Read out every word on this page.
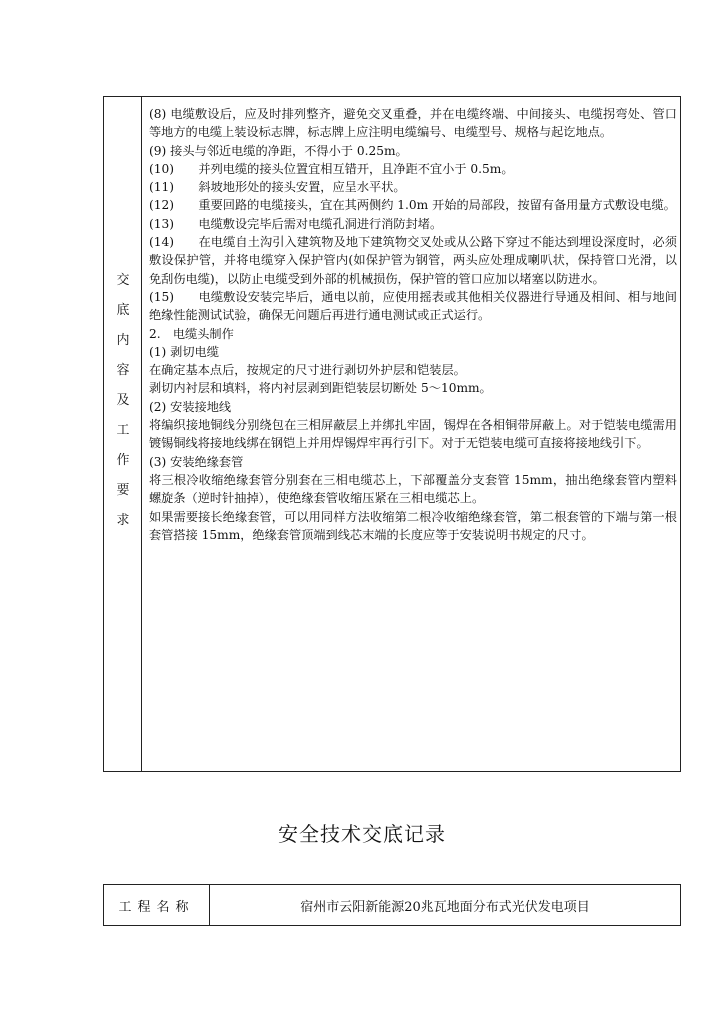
交
底
内
容
及
工
作
要
求

(8) 电缆敷设后，应及时排列整齐，避免交叉重叠，并在电缆终端、中间接头、电缆拐弯处、管口等地方的电缆上装设标志牌，标志牌上应注明电缆编号、电缆型号、规格与起讫地点。

(9) 接头与邻近电缆的净距，不得小于 0.25m。

(10)　　并列电缆的接头位置宜相互错开，且净距不宜小于 0.5m。

(11)　　斜坡地形处的接头安置，应呈水平状。

(12)　　重要回路的电缆接头，宜在其两侧约 1.0m 开始的局部段，按留有备用量方式敷设电缆。

(13)　　电缆敷设完毕后需对电缆孔洞进行消防封堵。

(14)　　在电缆自土沟引入建筑物及地下建筑物交叉处或从公路下穿过不能达到埋设深度时，必须敷设保护管，并将电缆穿入保护管内(如保护管为钢管，两头应处理成喇叭状，保持管口光滑，以免刮伤电缆)，以防止电缆受到外部的机械损伤，保护管的管口应加以堵塞以防进水。

(15)　　电缆敷设安装完毕后，通电以前，应使用摇表或其他相关仪器进行导通及相间、相与地间绝缘性能测试试验，确保无问题后再进行通电测试或正式运行。

2.　电缆头制作

(1) 剥切电缆

在确定基本点后，按规定的尺寸进行剥切外护层和铠装层。

剥切内衬层和填料，将内衬层剥到距铠装层切断处 5～10mm。

(2) 安装接地线

将编织接地铜线分别绕包在三相屏蔽层上并绑扎牢固，锡焊在各相铜带屏蔽上。对于铠装电缆需用镀锡铜线将接地线绑在钢铠上并用焊锡焊牢再行引下。对于无铠装电缆可直接将接地线引下。

(3) 安装绝缘套管

将三根冷收缩绝缘套管分别套在三相电缆芯上，下部覆盖分支套管 15mm，抽出绝缘套管内塑料螺旋条（逆时针抽掉），使绝缘套管收缩压紧在三相电缆芯上。

如果需要接长绝缘套管，可以用同样方法收缩第二根冷收缩绝缘套管，第二根套管的下端与第一根套管搭接 15mm，绝缘套管顶端到线芯末端的长度应等于安装说明书规定的尺寸。

安全技术交底记录
工程名称	宿州市云阳新能源20兆瓦地面分布式光伏发电项目
